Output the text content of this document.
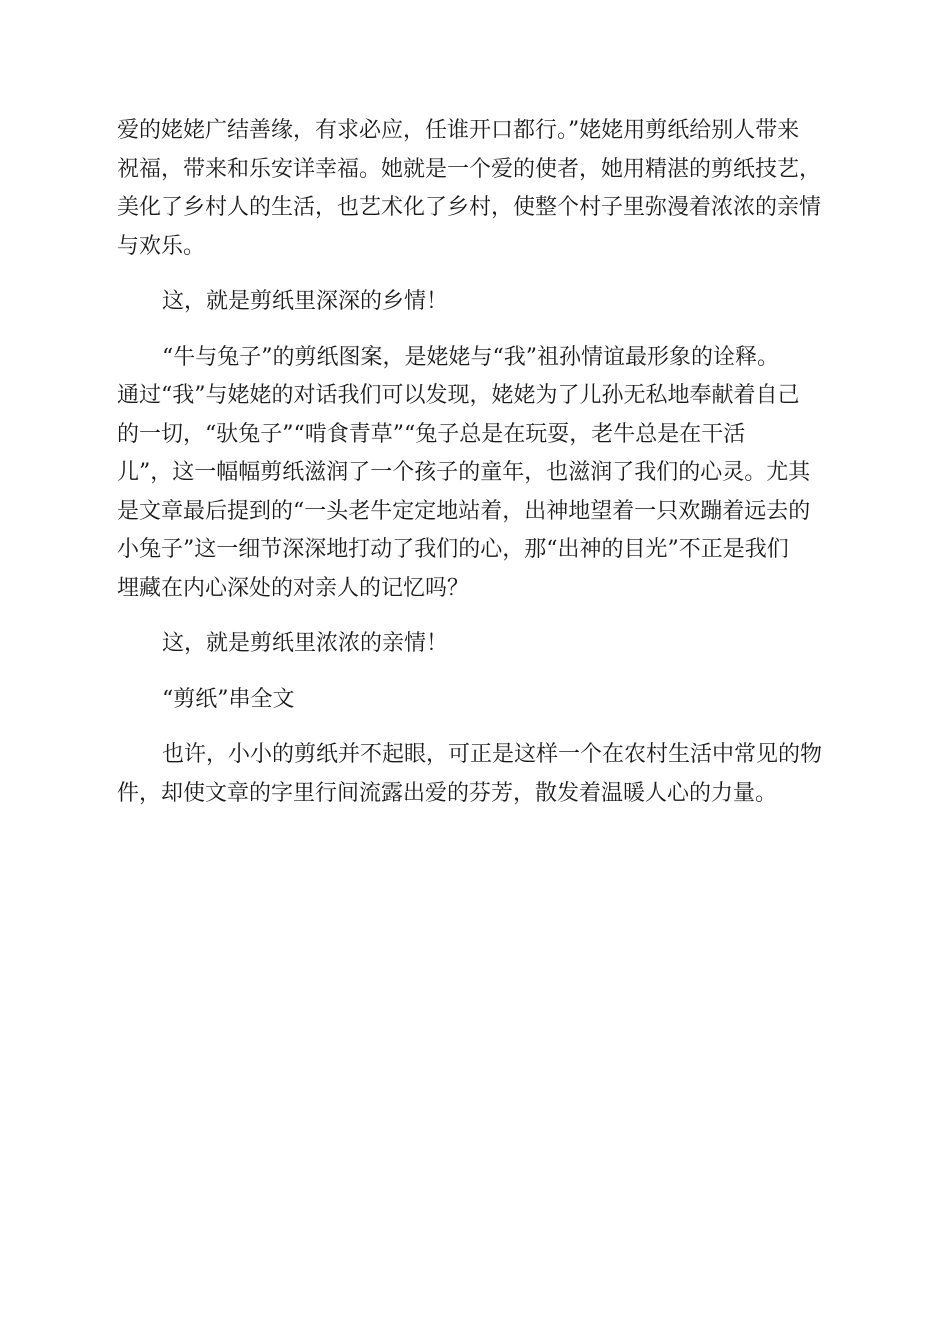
爱的姥姥广结善缘，有求必应，任谁开口都行。”姥姥用剪纸给别人带来
祝福，带来和乐安详幸福。她就是一个爱的使者，她用精湛的剪纸技艺，
美化了乡村人的生活，也艺术化了乡村，使整个村子里弥漫着浓浓的亲情
与欢乐。
这，就是剪纸里深深的乡情！
“牛与兔子”的剪纸图案，是姥姥与“我”祖孙情谊最形象的诠释。
通过“我”与姥姥的对话我们可以发现，姥姥为了儿孙无私地奉献着自己
的一切，“驮兔子”“啃食青草”“兔子总是在玩耍，老牛总是在干活
儿”，这一幅幅剪纸滋润了一个孩子的童年，也滋润了我们的心灵。尤其
是文章最后提到的“一头老牛定定地站着，出神地望着一只欢蹦着远去的
小兔子”这一细节深深地打动了我们的心，那“出神的目光”不正是我们
埋藏在内心深处的对亲人的记忆吗？
这，就是剪纸里浓浓的亲情！
“剪纸”串全文
也许，小小的剪纸并不起眼，可正是这样一个在农村生活中常见的物
件，却使文章的字里行间流露出爱的芬芳，散发着温暖人心的力量。
